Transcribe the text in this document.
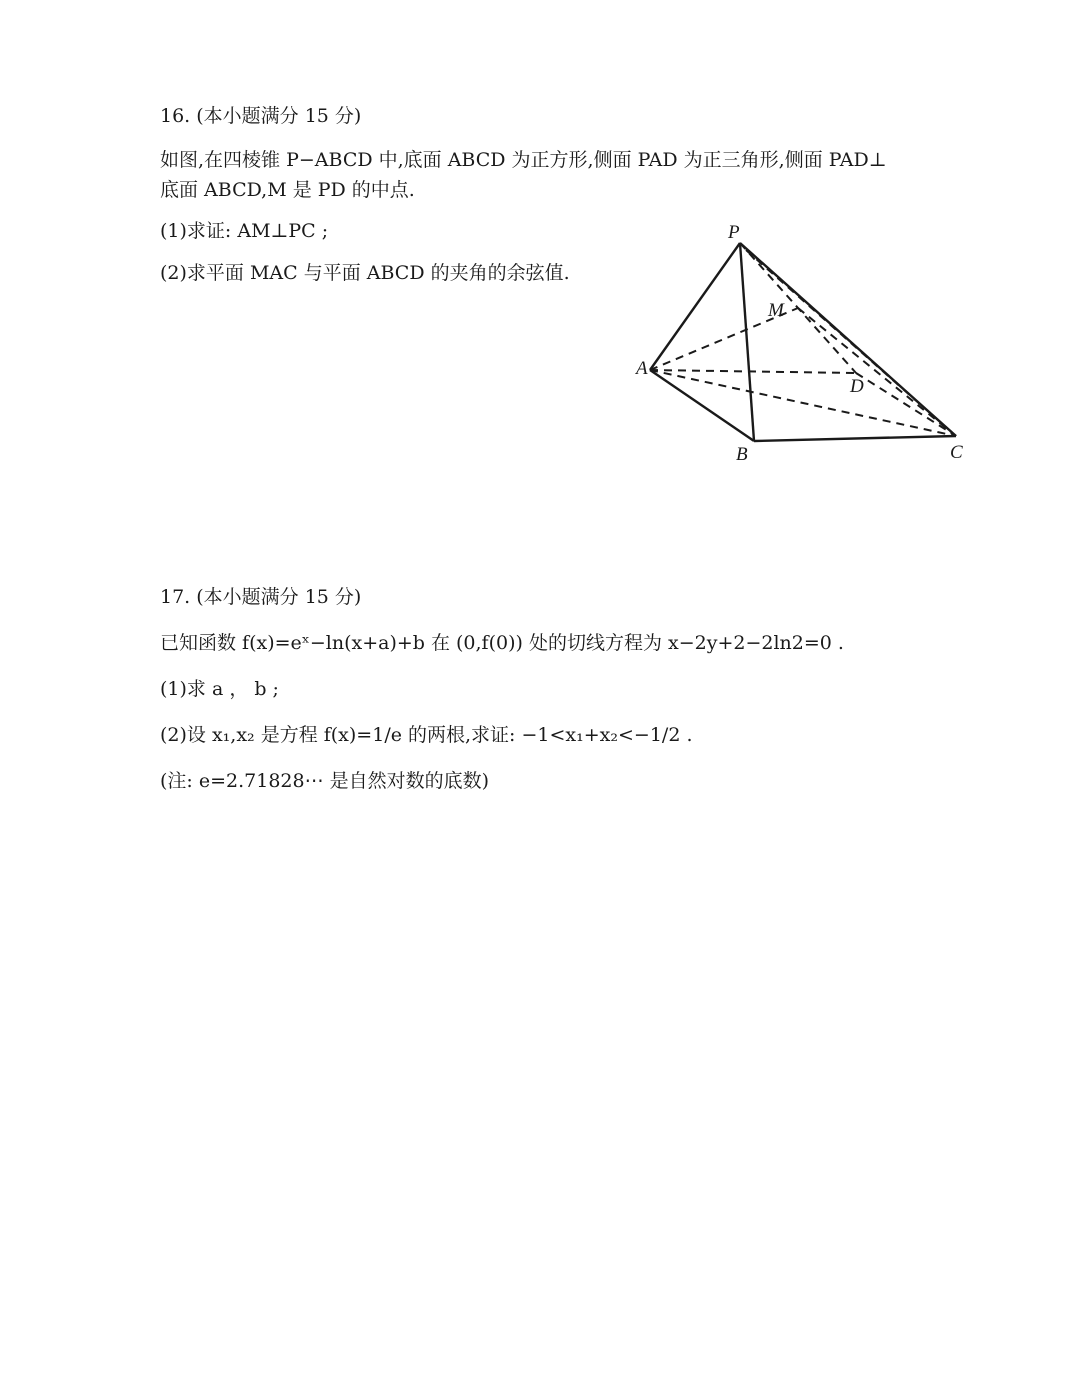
16. (本小题满分 15 分)
如图,在四棱锥 P−ABCD 中,底面 ABCD 为正方形,侧面 PAD 为正三角形,侧面 PAD⊥
底面 ABCD,M 是 PD 的中点.
(1)求证: AM⊥PC ;
(2)求平面 MAC 与平面 ABCD 的夹角的余弦值.
P
M
A
D
B	C
17. (本小题满分 15 分)
已知函数 f(x)=eˣ−ln(x+a)+b 在 (0,f(0)) 处的切线方程为 x−2y+2−2ln2=0 .
(1)求 a ， b ;
(2)设 x₁,x₂ 是方程 f(x)=1/e 的两根,求证: −1<x₁+x₂<−1/2 .
(注: e=2.71828⋯ 是自然对数的底数)
